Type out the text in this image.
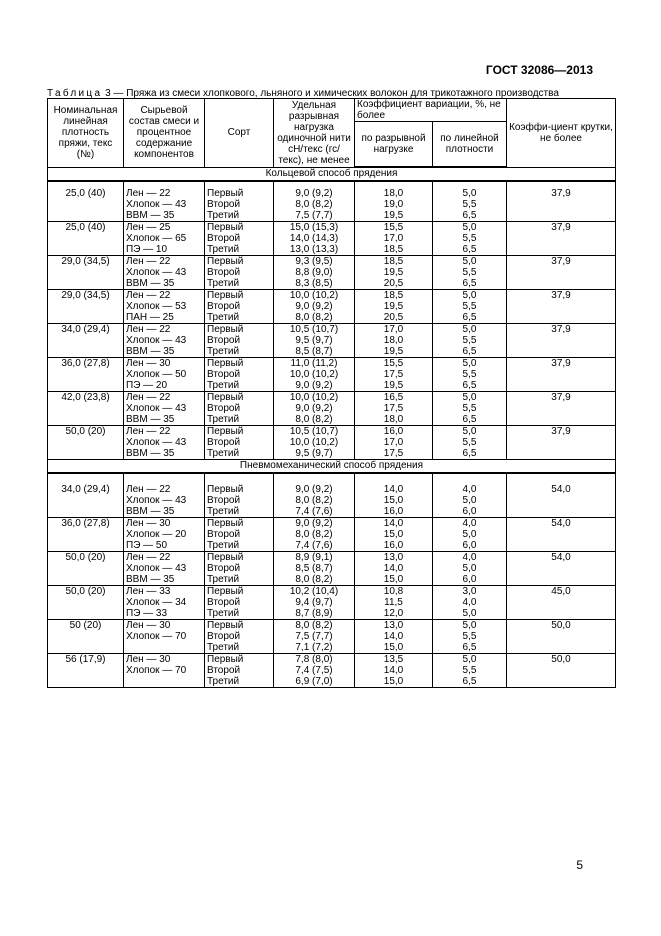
ГОСТ 32086—2013
Таблица 3 — Пряжа из смеси хлопкового, льняного и химических волокон для трикотажного производства
Номинальная линейная плотность пряжи, текс (№)	Сырьевой состав смеси и процентное содержание компонентов	Сорт	Удельная разрывная нагрузка одиночной нити сН/текс (гс/текс), не менее	Коэффициент вариации, %, не более		Коэффи-циент крутки, не более
				по разрывной нагрузке	по линейной плотности	
Кольцевой способ прядения						

25,0 (40)	Лен — 22
Хлопок — 43
ВВМ — 35	Первый
Второй
Третий	9,0 (9,2)
8,0 (8,2)
7,5 (7,7)	18,0
19,0
19,5	5,0
5,5
6,5	37,9

25,0 (40)	Лен — 25
Хлопок — 65
ПЭ — 10	Первый
Второй
Третий	15,0 (15,3)
14,0 (14,3)
13,0 (13,3)	15,5
17,0
18,5	5,0
5,5
6,5	37,9

29,0 (34,5)	Лен — 22
Хлопок — 43
ВВМ — 35	Первый
Второй
Третий	9,3 (9,5)
8,8 (9,0)
8,3 (8,5)	18,5
19,5
20,5	5,0
5,5
6,5	37,9

29,0 (34,5)	Лен — 22
Хлопок — 53
ПАН — 25	Первый
Второй
Третий	10,0 (10,2)
9,0 (9,2)
8,0 (8,2)	18,5
19,5
20,5	5,0
5,5
6,5	37,9

34,0 (29,4)	Лен — 22
Хлопок — 43
ВВМ — 35	Первый
Второй
Третий	10,5 (10,7)
9,5 (9,7)
8,5 (8,7)	17,0
18,0
19,5	5,0
5,5
6,5	37,9

36,0 (27,8)	Лен — 30
Хлопок — 50
ПЭ — 20	Первый
Второй
Третий	11,0 (11,2)
10,0 (10,2)
9,0 (9,2)	15,5
17,5
19,5	5,0
5,5
6,5	37,9

42,0 (23,8)	Лен — 22
Хлопок — 43
ВВМ — 35	Первый
Второй
Третий	10,0 (10,2)
9,0 (9,2)
8,0 (8,2)	16,5
17,5
18,0	5,0
5,5
6,5	37,9

50,0 (20)	Лен — 22
Хлопок — 43
ВВМ — 35	Первый
Второй
Третий	10,5 (10,7)
10,0 (10,2)
9,5 (9,7)	16,0
17,0
17,5	5,0
5,5
6,5	37,9

Пневмомеханический способ прядения						

34,0 (29,4)	Лен — 22
Хлопок — 43
ВВМ — 35	Первый
Второй
Третий	9,0 (9,2)
8,0 (8,2)
7,4 (7,6)	14,0
15,0
16,0	4,0
5,0
6,0	54,0

36,0 (27,8)	Лен — 30
Хлопок — 20
ПЭ — 50	Первый
Второй
Третий	9,0 (9,2)
8,0 (8,2)
7,4 (7,6)	14,0
15,0
16,0	4,0
5,0
6,0	54,0

50,0 (20)	Лен — 22
Хлопок — 43
ВВМ — 35	Первый
Второй
Третий	8,9 (9,1)
8,5 (8,7)
8,0 (8,2)	13,0
14,0
15,0	4,0
5,0
6,0	54,0

50,0 (20)	Лен — 33
Хлопок — 34
ПЭ — 33	Первый
Второй
Третий	10,2 (10,4)
9,4 (9,7)
8,7 (8,9)	10,8
11,5
12,0	3,0
4,0
5,0	45,0

50 (20)	Лен — 30
Хлопок — 70	Первый
Второй
Третий	8,0 (8,2)
7,5 (7,7)
7,1 (7,2)	13,0
14,0
15,0	5,0
5,5
6,5	50,0

56 (17,9)	Лен — 30
Хлопок — 70	Первый
Второй
Третий	7,8 (8,0)
7,4 (7,5)
6,9 (7,0)	13,5
14,0
15,0	5,0
5,5
6,5	50,0
5
